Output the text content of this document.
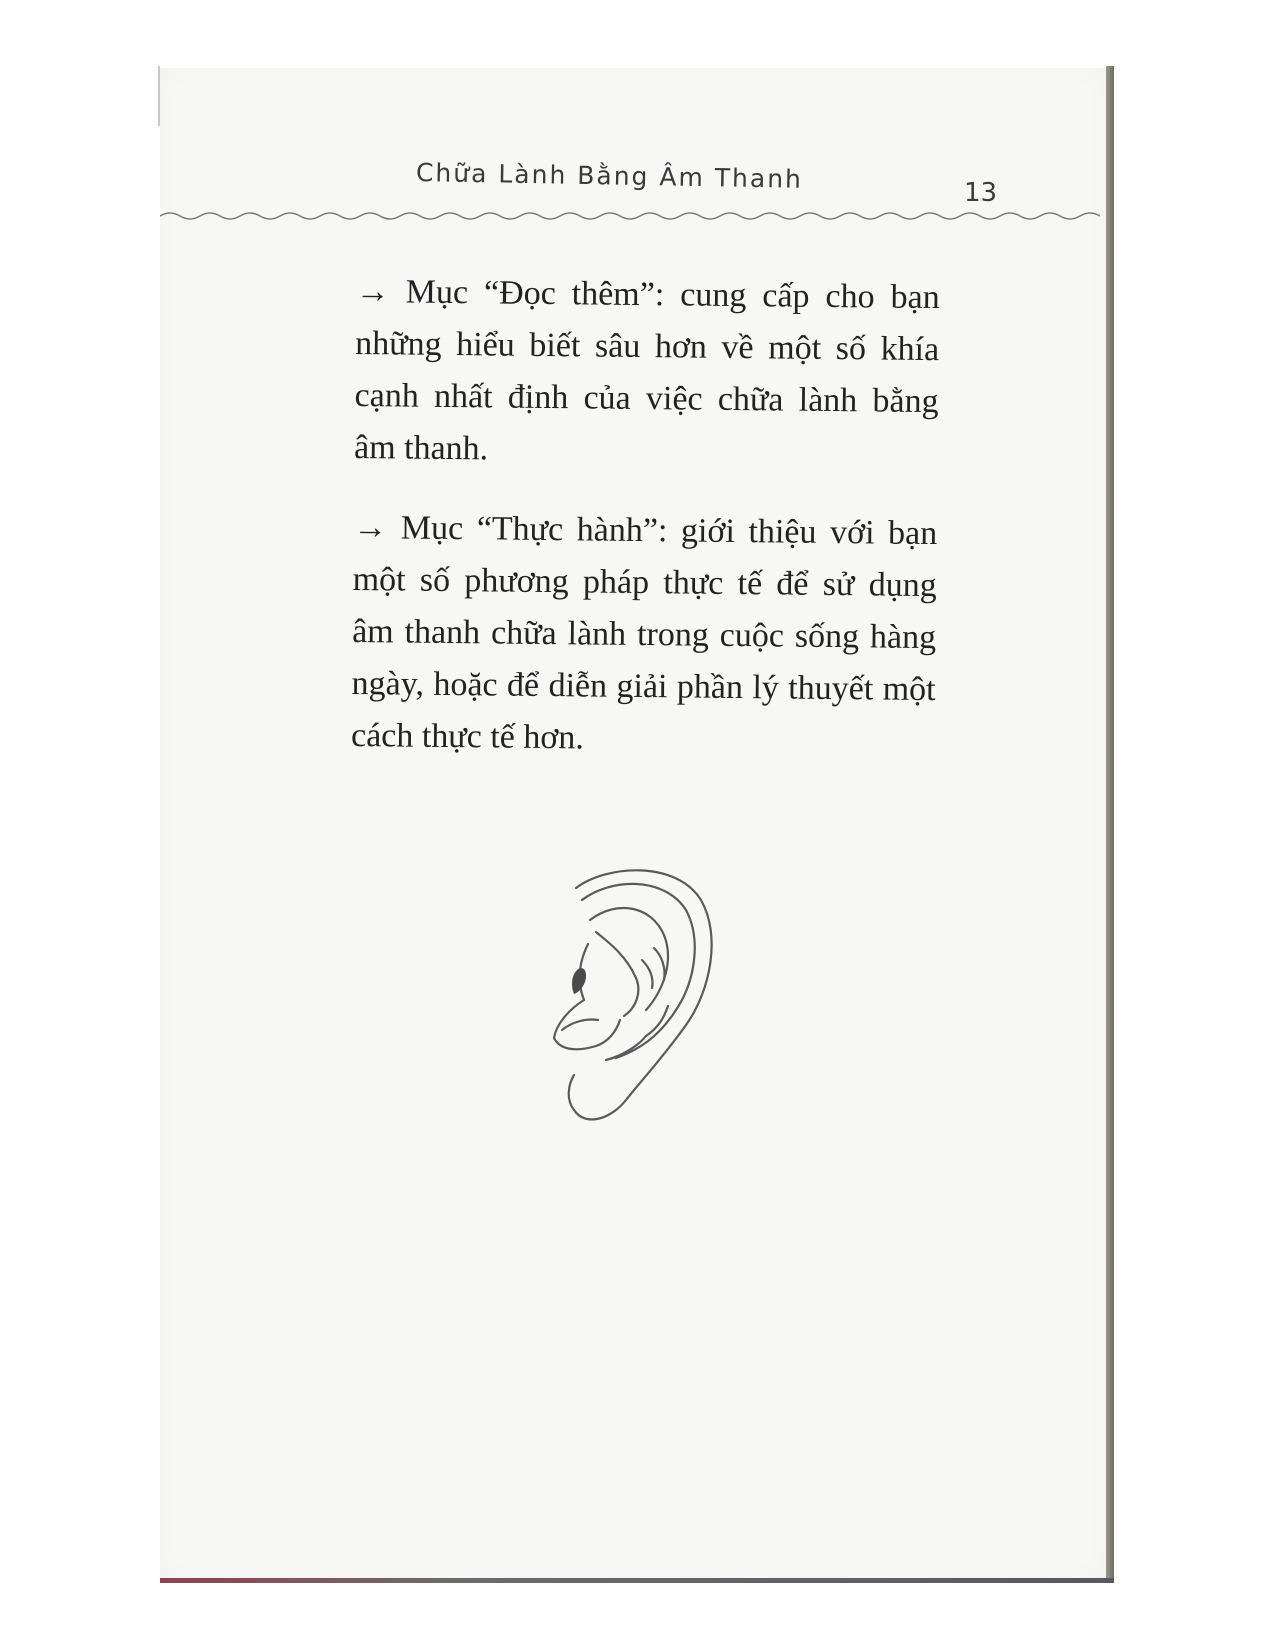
Chữa Lành Bằng Âm Thanh	13

→ Mục “Đọc thêm”: cung cấp cho bạn những hiểu biết sâu hơn về một số khía cạnh nhất định của việc chữa lành bằng âm thanh.

→ Mục “Thực hành”: giới thiệu với bạn một số phương pháp thực tế để sử dụng âm thanh chữa lành trong cuộc sống hàng ngày, hoặc để diễn giải phần lý thuyết một cách thực tế hơn.
